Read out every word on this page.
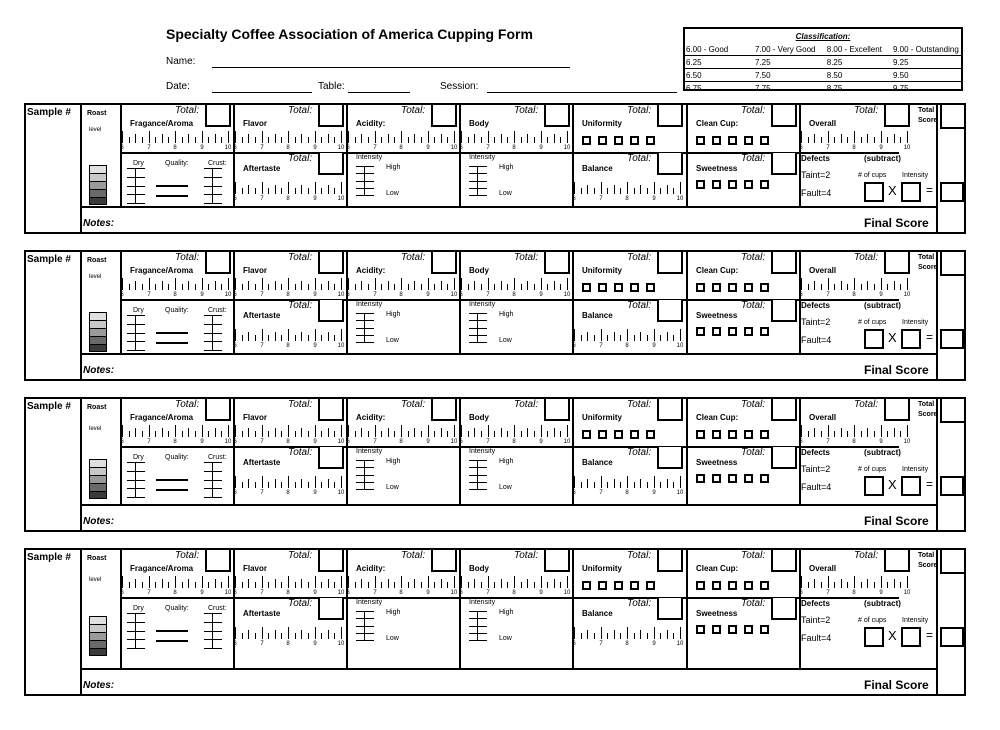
Specialty Coffee Association of America Cupping Form
Name:
Date:	Table:	Session:
Classification:
6.00 - Good	7.00 - Very Good	8.00 - Excellent	9.00 - Outstanding
6.25	7.25	8.25	9.25
6.50	7.50	8.50	9.50
6.75	7.75	8.75	9.75
Sample # Roast
level
Notes:	Final Score
Total
Score
Total:
Fragance/Aroma
6	7	8	9	10
Total:
Flavor
6	7	8	9	10
Total:
Acidity:
6	7	8	9	10
Total:
Body
6	7	8	9	10
Total:
Uniformity
Total:
Clean Cup:
Total:
Overall
6	7	8	9	10
Total:
Aftertaste
6	7	8	9	10
Total:
Balance
6	7	8	9	10
Total:
Sweetness
Dry	Quality:	Crust:
Intensity
High
Low
Intensity
High
Low
Defects	(subtract)
Taint=2
Fault=4
# of cups Intensity
X =
Sample # Roast
level
Notes:	Final Score
Total
Score
Total:
Fragance/Aroma
6	7	8	9	10
Total:
Flavor
6	7	8	9	10
Total:
Acidity:
6	7	8	9	10
Total:
Body
6	7	8	9	10
Total:
Uniformity
Total:
Clean Cup:
Total:
Overall
6	7	8	9	10
Total:
Aftertaste
6	7	8	9	10
Total:
Balance
6	7	8	9	10
Total:
Sweetness
Dry	Quality:	Crust:
Intensity
High
Low
Intensity
High
Low
Defects	(subtract)
Taint=2
Fault=4
# of cups Intensity
X =
Sample # Roast
level
Notes:	Final Score
Total
Score
Total:
Fragance/Aroma
6	7	8	9	10
Total:
Flavor
6	7	8	9	10
Total:
Acidity:
6	7	8	9	10
Total:
Body
6	7	8	9	10
Total:
Uniformity
Total:
Clean Cup:
Total:
Overall
6	7	8	9	10
Total:
Aftertaste
6	7	8	9	10
Total:
Balance
6	7	8	9	10
Total:
Sweetness
Dry	Quality:	Crust:
Intensity
High
Low
Intensity
High
Low
Defects	(subtract)
Taint=2
Fault=4
# of cups Intensity
X =
Sample # Roast
level
Notes:	Final Score
Total
Score
Total:
Fragance/Aroma
6	7	8	9	10
Total:
Flavor
6	7	8	9	10
Total:
Acidity:
6	7	8	9	10
Total:
Body
6	7	8	9	10
Total:
Uniformity
Total:
Clean Cup:
Total:
Overall
6	7	8	9	10
Total:
Aftertaste
6	7	8	9	10
Total:
Balance
6	7	8	9	10
Total:
Sweetness
Dry	Quality:	Crust:
Intensity
High
Low
Intensity
High
Low
Defects	(subtract)
Taint=2
Fault=4
# of cups Intensity
X =
